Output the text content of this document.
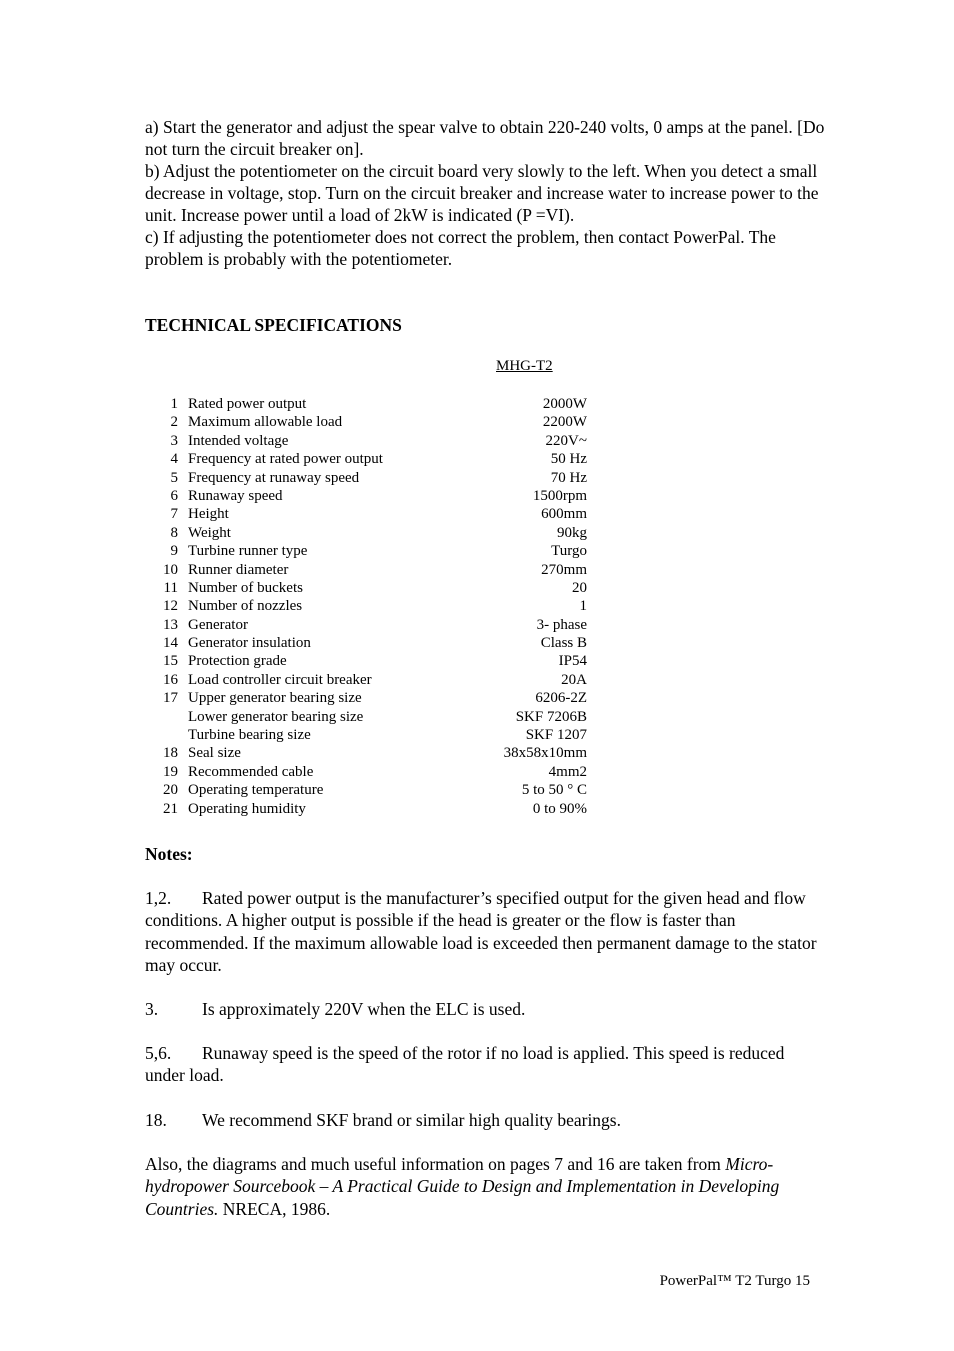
a) Start the generator and adjust the spear valve to obtain 220-240 volts, 0 amps at the panel. [Do not turn the circuit breaker on].

b) Adjust the potentiometer on the circuit board very slowly to the left. When you detect a small decrease in voltage, stop. Turn on the circuit breaker and increase water to increase power to the unit. Increase power until a load of 2kW is indicated (P =VI).

c) If adjusting the potentiometer does not correct the problem, then contact PowerPal. The problem is probably with the potentiometer.

TECHNICAL SPECIFICATIONS
MHG-T2
1 Rated power output	2000W
2 Maximum allowable load	2200W
3 Intended voltage	220V~
4 Frequency at rated power output	50 Hz
5 Frequency at runaway speed	70 Hz
6 Runaway speed	1500rpm
7 Height	600mm
8 Weight	90kg
9 Turbine runner type	Turgo
10 Runner diameter	270mm
11 Number of buckets	20
12 Number of nozzles	1
13 Generator	3- phase
14 Generator insulation	Class B
15 Protection grade	IP54
16 Load controller circuit breaker	20A
17 Upper generator bearing size	6206-2Z
Lower generator bearing size	SKF 7206B
Turbine bearing size	SKF 1207
18 Seal size	38x58x10mm
19 Recommended cable	4mm2
20 Operating temperature	5 to 50 ° C
21 Operating humidity	0 to 90%
Notes:
1,2. Rated power output is the manufacturer’s specified output for the given head and flow conditions. A higher output is possible if the head is greater or the flow is faster than recommended. If the maximum allowable load is exceeded then permanent damage to the stator may occur.
3.	Is approximately 220V when the ELC is used.
5,6. Runaway speed is the speed of the rotor if no load is applied. This speed is reduced under load.
18. We recommend SKF brand or similar high quality bearings.
Also, the diagrams and much useful information on pages 7 and 16 are taken from Micro-hydropower Sourcebook – A Practical Guide to Design and Implementation in Developing Countries. NRECA, 1986.
PowerPal™ T2 Turgo 15
